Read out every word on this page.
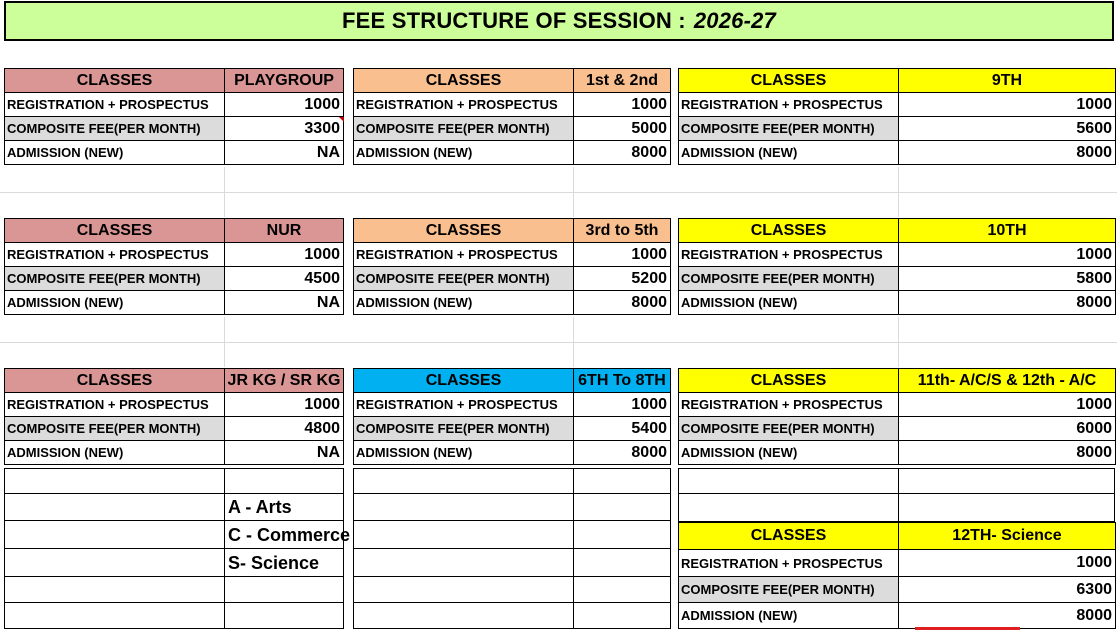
FEE STRUCTURE OF SESSION : 2026-27
CLASSES	PLAYGROUP
REGISTRATION + PROSPECTUS	1000
COMPOSITE FEE(PER MONTH)	3300
ADMISSION (NEW)	NA
CLASSES	1st & 2nd
REGISTRATION + PROSPECTUS	1000
COMPOSITE FEE(PER MONTH)	5000
ADMISSION (NEW)	8000
CLASSES	9TH
REGISTRATION + PROSPECTUS	1000
COMPOSITE FEE(PER MONTH)	5600
ADMISSION (NEW)	8000
CLASSES	NUR
REGISTRATION + PROSPECTUS	1000
COMPOSITE FEE(PER MONTH)	4500
ADMISSION (NEW)	NA
CLASSES	3rd to 5th
REGISTRATION + PROSPECTUS	1000
COMPOSITE FEE(PER MONTH)	5200
ADMISSION (NEW)	8000
CLASSES	10TH
REGISTRATION + PROSPECTUS	1000
COMPOSITE FEE(PER MONTH)	5800
ADMISSION (NEW)	8000
CLASSES	JR KG / SR KG
REGISTRATION + PROSPECTUS	1000
COMPOSITE FEE(PER MONTH)	4800
ADMISSION (NEW)	NA
CLASSES	6TH To 8TH
REGISTRATION + PROSPECTUS	1000
COMPOSITE FEE(PER MONTH)	5400
ADMISSION (NEW)	8000
CLASSES	11th- A/C/S & 12th - A/C
REGISTRATION + PROSPECTUS	1000
COMPOSITE FEE(PER MONTH)	6000
ADMISSION (NEW)	8000
A - Arts
C - Commerce
S- Science
CLASSES	12TH- Science
REGISTRATION + PROSPECTUS	1000
COMPOSITE FEE(PER MONTH)	6300
ADMISSION (NEW)	8000
